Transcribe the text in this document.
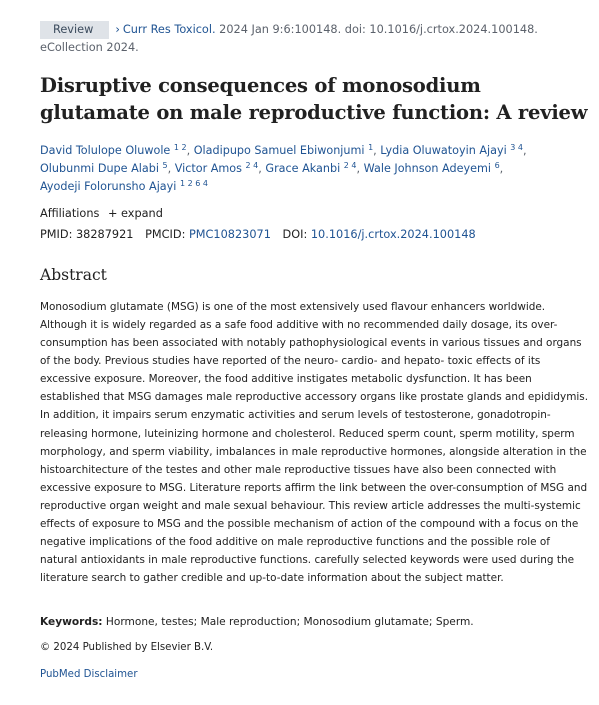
Review › Curr Res Toxicol. 2024 Jan 9:6:100148. doi: 10.1016/j.crtox.2024.100148.
eCollection 2024.
Disruptive consequences of monosodium glutamate on male reproductive function: A review
David Tolulope Oluwole $^{1 2}$, Oladipupo Samuel Ebiwonjumi $^1$, Lydia Oluwatoyin Ajayi $^{3 4}$,
Olubunmi Dupe Alabi $^5$, Victor Amos $^{2 4}$, Grace Akanbi $^{2 4}$, Wale Johnson Adeyemi $^6$,
Ayodeji Folorunsho Ajayi $^{1 2 6 4}$
Affiliations + expand
PMID: 38287921 PMCID: PMC10823071 DOI: 10.1016/j.crtox.2024.100148
Abstract

Monosodium glutamate (MSG) is one of the most extensively used flavour enhancers worldwide. Although it is widely regarded as a safe food additive with no recommended daily dosage, its over-consumption has been associated with notably pathophysiological events in various tissues and organs of the body. Previous studies have reported of the neuro- cardio- and hepato- toxic effects of its excessive exposure. Moreover, the food additive instigates metabolic dysfunction. It has been established that MSG damages male reproductive accessory organs like prostate glands and epididymis. In addition, it impairs serum enzymatic activities and serum levels of testosterone, gonadotropin-releasing hormone, luteinizing hormone and cholesterol. Reduced sperm count, sperm motility, sperm morphology, and sperm viability, imbalances in male reproductive hormones, alongside alteration in the histoarchitecture of the testes and other male reproductive tissues have also been connected with excessive exposure to MSG. Literature reports affirm the link between the over-consumption of MSG and reproductive organ weight and male sexual behaviour. This review article addresses the multi-systemic effects of exposure to MSG and the possible mechanism of action of the compound with a focus on the negative implications of the food additive on male reproductive functions and the possible role of natural antioxidants in male reproductive functions. carefully selected keywords were used during the literature search to gather credible and up-to-date information about the subject matter.

Keywords: Hormone, testes; Male reproduction; Monosodium glutamate; Sperm.
© 2024 Published by Elsevier B.V.
PubMed Disclaimer
